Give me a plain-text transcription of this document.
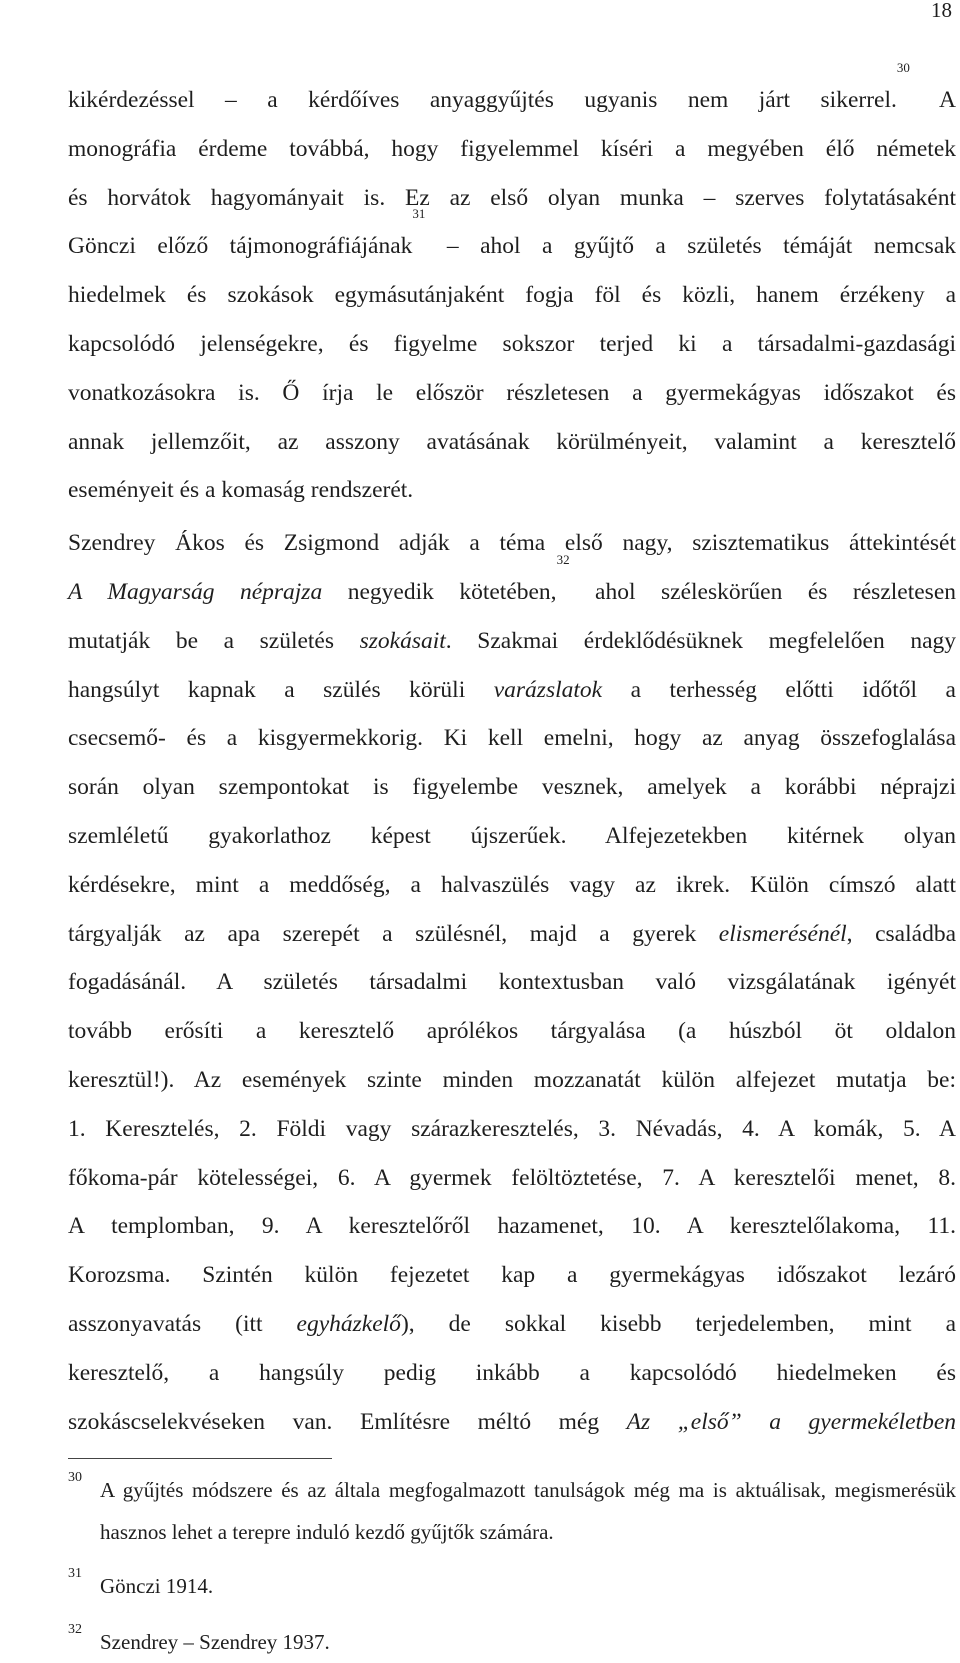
18

kikérdezéssel – a kérdőíves anyaggyűjtés ugyanis nem járt sikerrel.$^{30}$ A

monográfia érdeme továbbá, hogy figyelemmel kíséri a megyében élő németek

és horvátok hagyományait is. Ez az első olyan munka – szerves folytatásaként

Gönczi előző tájmonográfiájának$^{31}$ – ahol a gyűjtő a születés témáját nemcsak

hiedelmek és szokások egymásutánjaként fogja föl és közli, hanem érzékeny a

kapcsolódó jelenségekre, és figyelme sokszor terjed ki a társadalmi-gazdasági

vonatkozásokra is. Ő írja le először részletesen a gyermekágyas időszakot és

annak jellemzőit, az asszony avatásának körülményeit, valamint a keresztelő

eseményeit és a komaság rendszerét.

Szendrey Ákos és Zsigmond adják a téma első nagy, szisztematikus áttekintését

A Magyarság néprajza negyedik kötetében,$^{32}$ ahol széleskörűen és részletesen

mutatják be a születés szokásait. Szakmai érdeklődésüknek megfelelően nagy

hangsúlyt kapnak a szülés körüli varázslatok a terhesség előtti időtől a

csecsemő- és a kisgyermekkorig. Ki kell emelni, hogy az anyag összefoglalása

során olyan szempontokat is figyelembe vesznek, amelyek a korábbi néprajzi

szemléletű gyakorlathoz képest újszerűek. Alfejezetekben kitérnek olyan

kérdésekre, mint a meddőség, a halvaszülés vagy az ikrek. Külön címszó alatt

tárgyalják az apa szerepét a szülésnél, majd a gyerek elismerésénél, családba

fogadásánál. A születés társadalmi kontextusban való vizsgálatának igényét

tovább erősíti a keresztelő aprólékos tárgyalása (a húszból öt oldalon

keresztül!). Az események szinte minden mozzanatát külön alfejezet mutatja be:

1. Keresztelés, 2. Földi vagy szárazkeresztelés, 3. Névadás, 4. A komák, 5. A

főkoma-pár kötelességei, 6. A gyermek felöltöztetése, 7. A keresztelői menet, 8.

A templomban, 9. A keresztelőről hazamenet, 10. A keresztelőlakoma, 11.

Korozsma. Szintén külön fejezetet kap a gyermekágyas időszakot lezáró

asszonyavatás (itt egyházkelő), de sokkal kisebb terjedelemben, mint a

keresztelő, a hangsúly pedig inkább a kapcsolódó hiedelmeken és

szokáscselekvéseken van. Említésre méltó még Az „első” a gyermekéletben

30
A gyűjtés módszere és az általa megfogalmazott tanulságok még ma is aktuálisak, megismerésük hasznos lehet a terepre induló kezdő gyűjtők számára.
31
Gönczi 1914.
32
Szendrey – Szendrey 1937.
